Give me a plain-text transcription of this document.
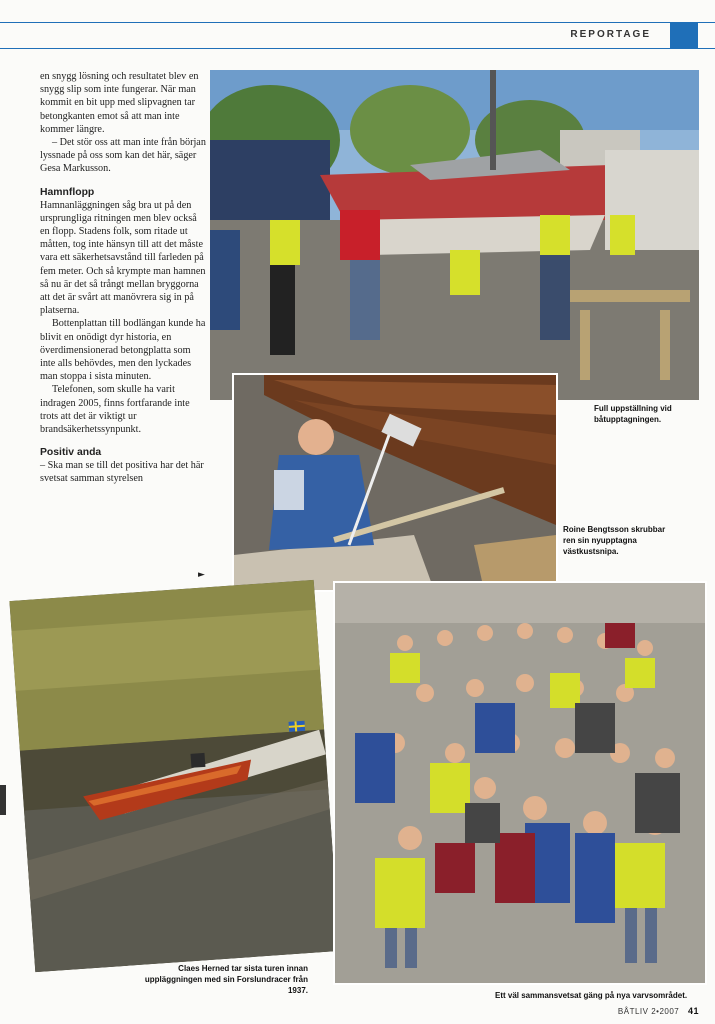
REPORTAGE

en snygg lösning och resultatet blev en snygg slip som inte fungerar. När man kommit en bit upp med slipvagnen tar betongkanten emot så att man inte kommer längre.

– Det stör oss att man inte från början lyssnade på oss som kan det här, säger Gesa Markusson.

Hamnflopp

Hamnanläggningen såg bra ut på den ursprungliga ritningen men blev också en flopp. Stadens folk, som ritade ut måtten, tog inte hänsyn till att det måste vara ett säkerhetsavstånd till farleden på fem meter. Och så krympte man hamnen så nu är det så trångt mellan bryggorna att det är svårt att manövrera sig in på platserna.

Bottenplattan till bodlängan kunde ha blivit en onödigt dyr historia, en överdimensionerad betongplatta som inte alls behövdes, men den lyckades man stoppa i sista minuten.

Telefonen, som skulle ha varit indragen 2005, finns fortfarande inte trots att det är viktigt ur brandsäkerhetssynpunkt.

Positiv anda

– Ska man se till det positiva har det här svetsat samman styrelsen

►
Full uppställning vid båtupptagningen.
Roine Bengtsson skrubbar ren sin nyupptagna västkustsnipa.
Claes Herned tar sista turen innan uppläggningen med sin Forslundracer från 1937.
Ett väl sammansvetsat gäng på nya varvsområdet.
BÅTLIV 2•2007 41
